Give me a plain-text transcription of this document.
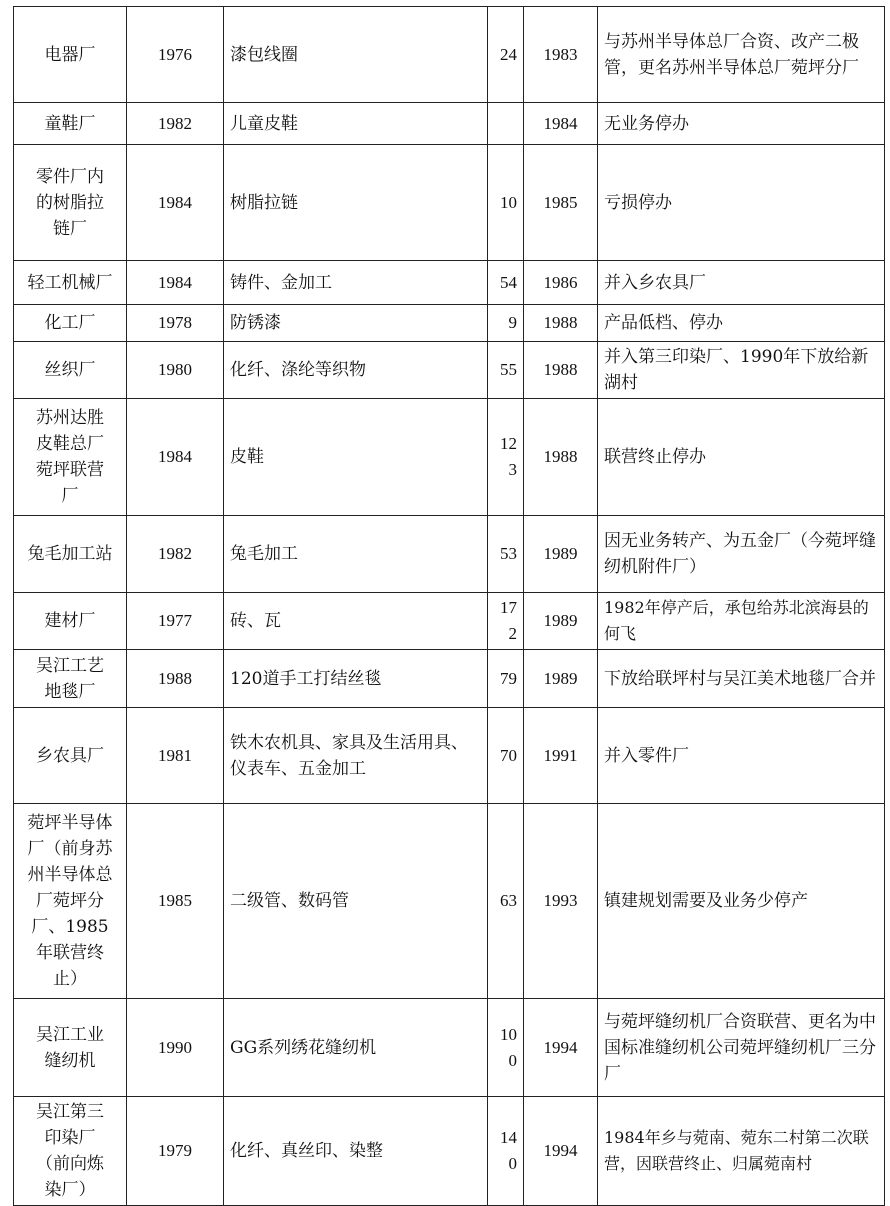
电器厂	1976	漆包线圈	24	1983	与苏州半导体总厂合资、改产二极管，更名苏州半导体总厂菀坪分厂
童鞋厂	1982	儿童皮鞋		1984	无业务停办
零件厂内的树脂拉链厂	1984	树脂拉链	10	1985	亏损停办
轻工机械厂	1984	铸件、金加工	54	1986	并入乡农具厂
化工厂	1978	防锈漆	9	1988	产品低档、停办
丝织厂	1980	化纤、涤纶等织物	55	1988	并入第三印染厂、1990年下放给新湖村
苏州达胜皮鞋总厂菀坪联营厂	1984	皮鞋	123	1988	联营终止停办
兔毛加工站	1982	兔毛加工	53	1989	因无业务转产、为五金厂（今菀坪缝纫机附件厂）
建材厂	1977	砖、瓦	172	1989	1982年停产后，承包给苏北滨海县的何飞
吴江工艺地毯厂	1988	120道手工打结丝毯	79	1989	下放给联坪村与吴江美术地毯厂合并
乡农具厂	1981	铁木农机具、家具及生活用具、仪表车、五金加工	70	1991	并入零件厂
菀坪半导体厂（前身苏州半导体总厂菀坪分厂、1985年联营终止）	1985	二级管、数码管	63	1993	镇建规划需要及业务少停产
吴江工业缝纫机	1990	GG系列绣花缝纫机	100	1994	与菀坪缝纫机厂合资联营、更名为中国标准缝纫机公司菀坪缝纫机厂三分厂
吴江第三印染厂（前向炼染厂）	1979	化纤、真丝印、染整	140	1994	1984年乡与菀南、菀东二村第二次联营，因联营终止、归属菀南村
